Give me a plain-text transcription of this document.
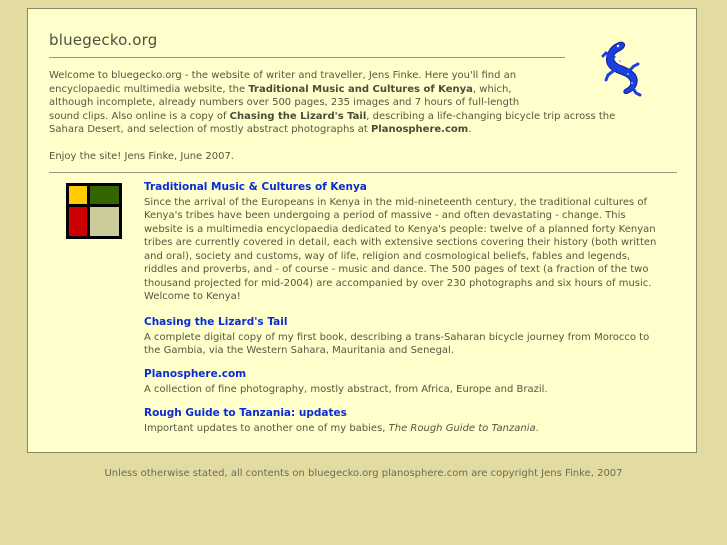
bluegecko.org
Welcome to bluegecko.org - the website of writer and traveller, Jens Finke. Here you'll find an
encyclopaedic multimedia website, the Traditional Music and Cultures of Kenya, which,
although incomplete, already numbers over 500 pages, 235 images and 7 hours of full-length
sound clips. Also online is a copy of Chasing the Lizard's Tail, describing a life-changing bicycle trip across the
Sahara Desert, and selection of mostly abstract photographs at Planosphere.com.
Enjoy the site! Jens Finke, June 2007.
Traditional Music & Cultures of Kenya
Since the arrival of the Europeans in Kenya in the mid-nineteenth century, the traditional cultures of
Kenya's tribes have been undergoing a period of massive - and often devastating - change. This
website is a multimedia encyclopaedia dedicated to Kenya's people: twelve of a planned forty Kenyan
tribes are currently covered in detail, each with extensive sections covering their history (both written
and oral), society and customs, way of life, religion and cosmological beliefs, fables and legends,
riddles and proverbs, and - of course - music and dance. The 500 pages of text (a fraction of the two
thousand projected for mid-2004) are accompanied by over 230 photographs and six hours of music.
Welcome to Kenya!
Chasing the Lizard's Tail
A complete digital copy of my first book, describing a trans-Saharan bicycle journey from Morocco to
the Gambia, via the Western Sahara, Mauritania and Senegal.
Planosphere.com
A collection of fine photography, mostly abstract, from Africa, Europe and Brazil.
Rough Guide to Tanzania: updates
Important updates to another one of my babies, The Rough Guide to Tanzania.
Unless otherwise stated, all contents on bluegecko.org planosphere.com are copyright Jens Finke, 2007
